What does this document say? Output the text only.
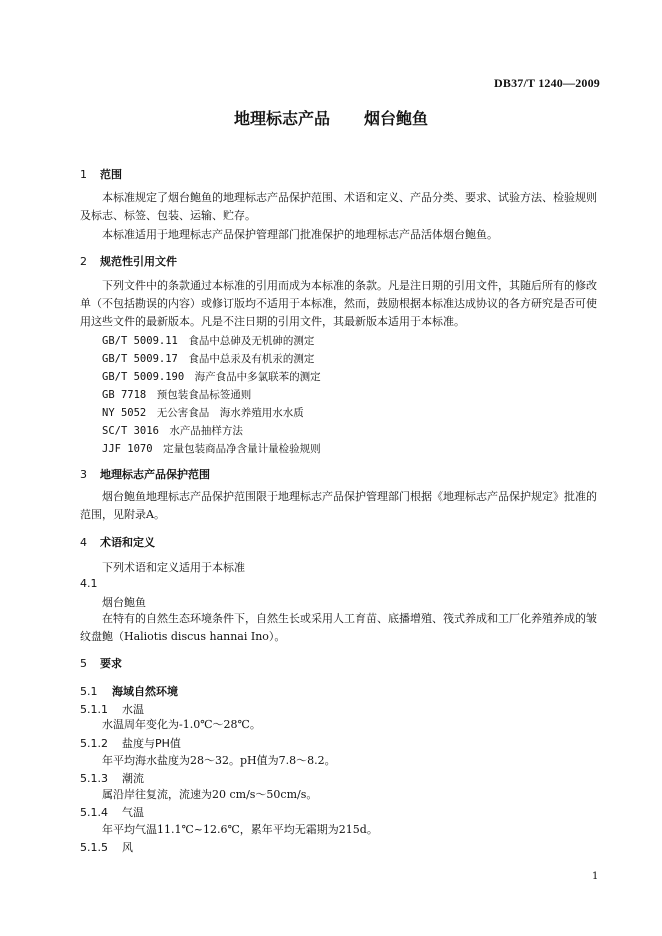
DB37/T 1240—2009
地理标志产品 烟台鲍鱼
1 范围
本标准规定了烟台鲍鱼的地理标志产品保护范围、术语和定义、产品分类、要求、试验方法、检验规则及标志、标签、包装、运输、贮存。
本标准适用于地理标志产品保护管理部门批准保护的地理标志产品活体烟台鲍鱼。
2 规范性引用文件
下列文件中的条款通过本标准的引用而成为本标准的条款。凡是注日期的引用文件，其随后所有的修改单（不包括勘误的内容）或修订版均不适用于本标准，然而，鼓励根据本标准达成协议的各方研究是否可使用这些文件的最新版本。凡是不注日期的引用文件，其最新版本适用于本标准。
GB/T 5009.11　食品中总砷及无机砷的测定
GB/T 5009.17　食品中总汞及有机汞的测定
GB/T 5009.190　海产食品中多氯联苯的测定
GB 7718　预包装食品标签通则
NY 5052　无公害食品　海水养殖用水水质
SC/T 3016　水产品抽样方法
JJF 1070　定量包装商品净含量计量检验规则
3 地理标志产品保护范围
烟台鲍鱼地理标志产品保护范围限于地理标志产品保护管理部门根据《地理标志产品保护规定》批准的范围，见附录A。
4 术语和定义
下列术语和定义适用于本标准
4.1
烟台鲍鱼
在特有的自然生态环境条件下，自然生长或采用人工育苗、底播增殖、筏式养成和工厂化养殖养成的皱纹盘鲍（Haliotis discus hannai Ino）。
5 要求
5.1 海域自然环境
5.1.1 水温
水温周年变化为-1.0℃～28℃。
5.1.2 盐度与PH值
年平均海水盐度为28～32。pH值为7.8～8.2。
5.1.3 潮流
属沿岸往复流，流速为20 cm/s～50cm/s。
5.1.4 气温
年平均气温11.1℃~12.6℃，累年平均无霜期为215d。
5.1.5 风
1
